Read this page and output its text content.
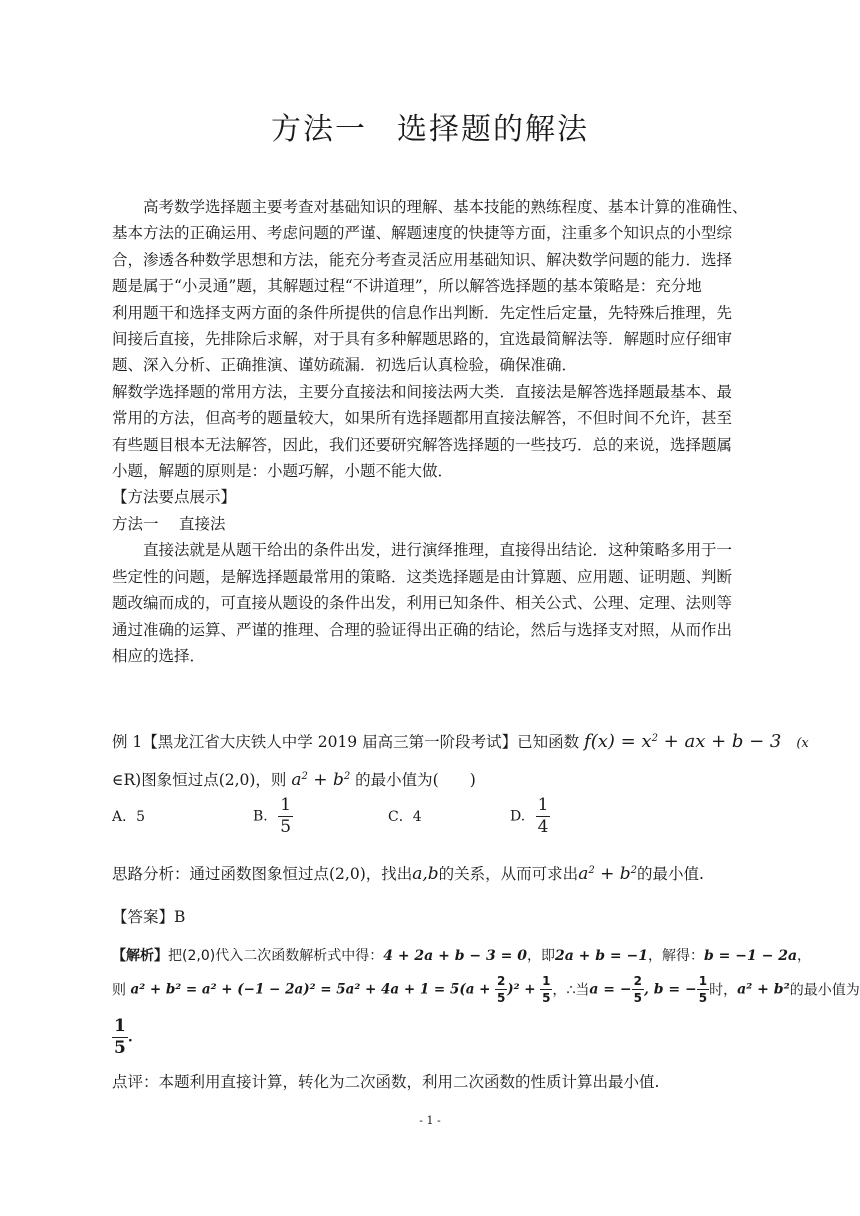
方法一 选择题的解法
高考数学选择题主要考查对基础知识的理解、基本技能的熟练程度、基本计算的准确性、
基本方法的正确运用、考虑问题的严谨、解题速度的快捷等方面，注重多个知识点的小型综
合，渗透各种数学思想和方法，能充分考查灵活应用基础知识、解决数学问题的能力．选择
题是属于“小灵通”题，其解题过程“不讲道理”，所以解答选择题的基本策略是：充分地
利用题干和选择支两方面的条件所提供的信息作出判断．先定性后定量，先特殊后推理，先
间接后直接，先排除后求解，对于具有多种解题思路的，宜选最简解法等．解题时应仔细审
题、深入分析、正确推演、谨妨疏漏．初选后认真检验，确保准确．
解数学选择题的常用方法，主要分直接法和间接法两大类．直接法是解答选择题最基本、最
常用的方法，但高考的题量较大，如果所有选择题都用直接法解答，不但时间不允许，甚至
有些题目根本无法解答，因此，我们还要研究解答选择题的一些技巧．总的来说，选择题属
小题，解题的原则是：小题巧解，小题不能大做．
【方法要点展示】
方法一　 直接法
直接法就是从题干给出的条件出发，进行演绎推理，直接得出结论．这种策略多用于一
些定性的问题，是解选择题最常用的策略．这类选择题是由计算题、应用题、证明题、判断
题改编而成的，可直接从题设的条件出发，利用已知条件、相关公式、公理、定理、法则等
通过准确的运算、严谨的推理、合理的验证得出正确的结论，然后与选择支对照，从而作出
相应的选择．
例 1【黑龙江省大庆铁人中学 2019 届高三第一阶段考试】已知函数 $f(x) = x^2$ + ax + b − 3 (x
∈R)图象恒过点(2,0)，则 $a^2 + b^2$ 的最小值为(　　)
A．5	B. $\frac{1}{5}$	C．4	D. $\frac{1}{4}$
思路分析：通过函数图象恒过点(2,0)，找出a,b的关系，从而可求出$a^2 + b^2$的最小值.
【答案】B
【解析】把(2,0)代入二次函数解析式中得：4 + 2a + b − 3 = 0，即2a + b = −1，解得：b = −1 − 2a，
则 $a^2 + b^2 = a^2 + (-1 - 2a)^2 = 5a^2 + 4a + 1 = 5(a + \frac{2}{5} )^2 + \frac{1}{5}$ ，∴当a = − $\frac{2}{5}$ , b = − $\frac{1}{5}$ 时，a² + b²的最小值为
$\frac{1}{5}$ .
点评：本题利用直接计算，转化为二次函数，利用二次函数的性质计算出最小值.
- 1 -
